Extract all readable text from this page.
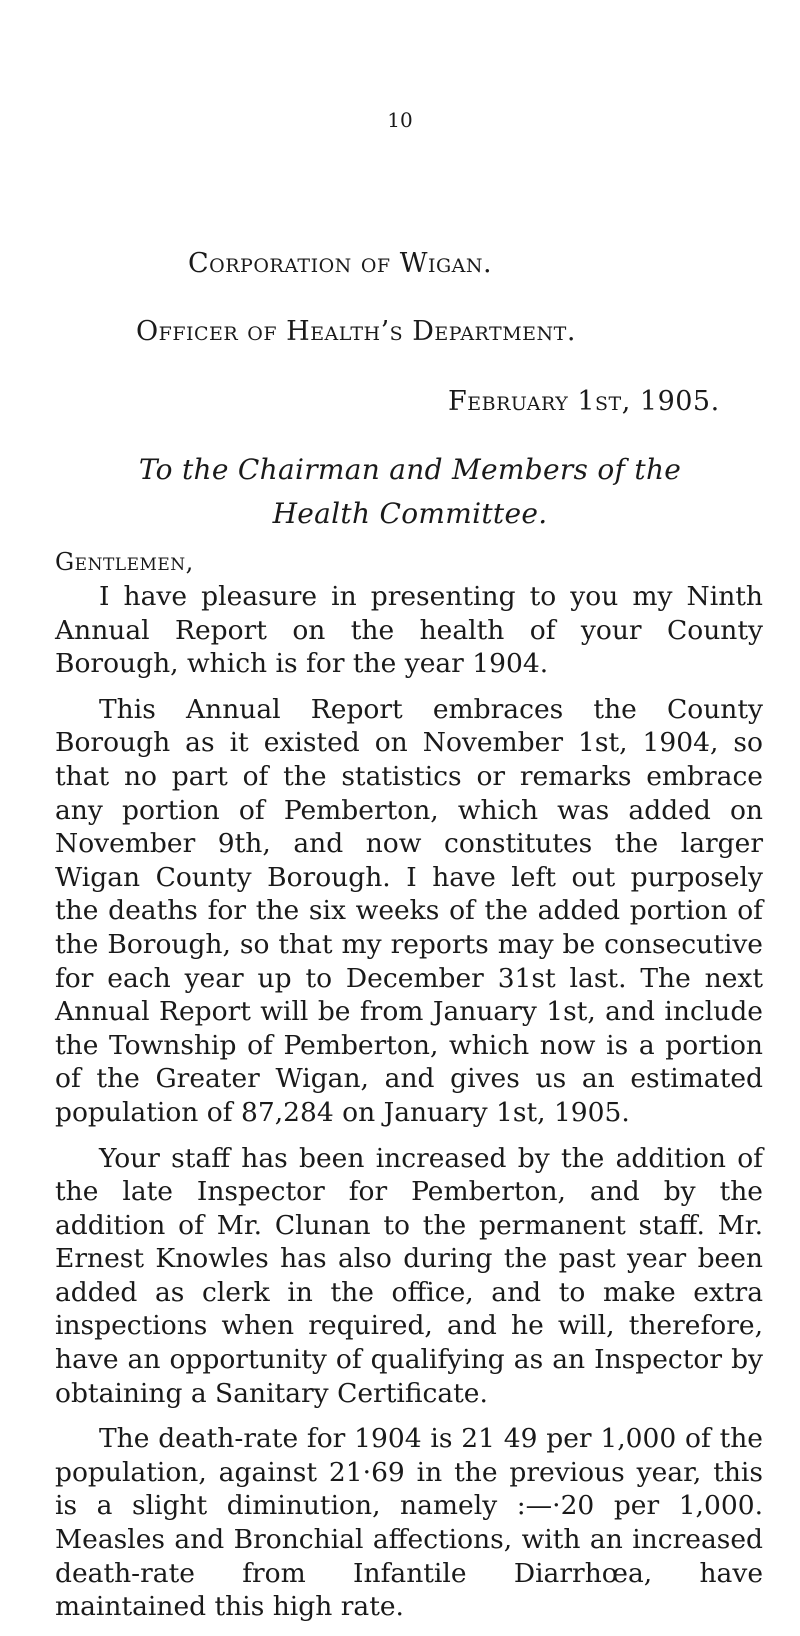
10
Corporation of Wigan.
Officer of Health’s Department.
February 1st, 1905.
To the Chairman and Members of the Health Committee.
Gentlemen,

I have pleasure in presenting to you my Ninth Annual Report on the health of your County Borough, which is for the year 1904.

This Annual Report embraces the County Borough as it existed on November 1st, 1904, so that no part of the statistics or remarks embrace any portion of Pemberton, which was added on November 9th, and now constitutes the larger Wigan County Borough. I have left out purposely the deaths for the six weeks of the added portion of the Borough, so that my reports may be consecutive for each year up to December 31st last. The next Annual Report will be from January 1st, and include the Township of Pemberton, which now is a portion of the Greater Wigan, and gives us an estimated population of 87,284 on January 1st, 1905.

Your staff has been increased by the addition of the late Inspector for Pemberton, and by the addition of Mr. Clunan to the permanent staff. Mr. Ernest Knowles has also during the past year been added as clerk in the office, and to make extra inspections when required, and he will, therefore, have an opportunity of qualifying as an Inspector by obtaining a Sanitary Certificate.

The death-rate for 1904 is 21 49 per 1,000 of the population, against 21·69 in the previous year, this is a slight diminution, namely :—·20 per 1,000. Measles and Bronchial affections, with an increased death-rate from Infantile Diarrhœa, have maintained this high rate.
